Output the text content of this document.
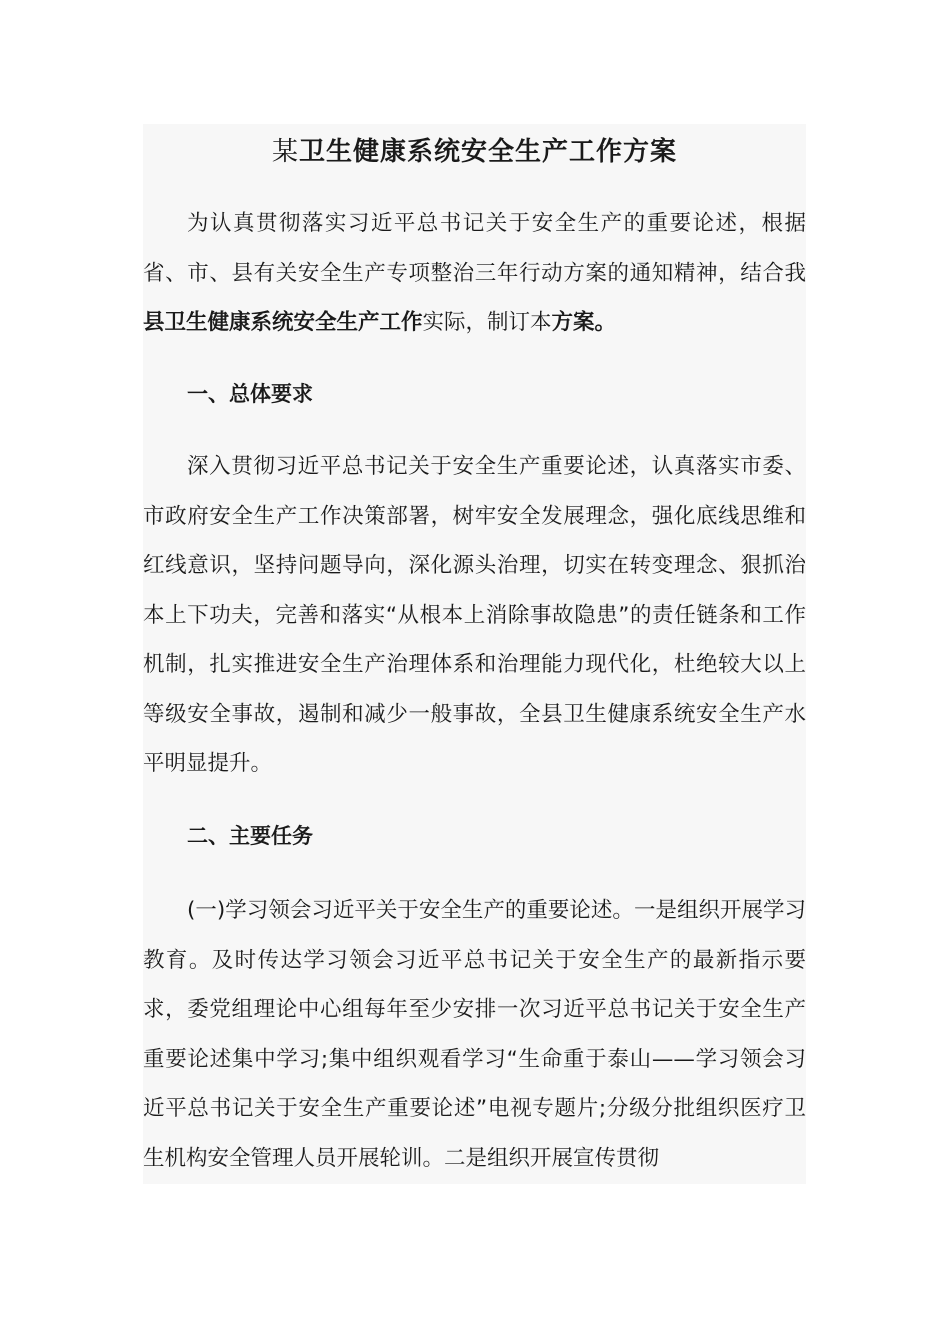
某卫生健康系统安全生产工作方案

为认真贯彻落实习近平总书记关于安全生产的重要论述，根据省、市、县有关安全生产专项整治三年行动方案的通知精神，结合我县卫生健康系统安全生产工作实际，制订本方案。

一、总体要求

深入贯彻习近平总书记关于安全生产重要论述，认真落实市委、市政府安全生产工作决策部署，树牢安全发展理念，强化底线思维和红线意识，坚持问题导向，深化源头治理，切实在转变理念、狠抓治本上下功夫，完善和落实“从根本上消除事故隐患”的责任链条和工作机制，扎实推进安全生产治理体系和治理能力现代化，杜绝较大以上等级安全事故，遏制和减少一般事故，全县卫生健康系统安全生产水平明显提升。

二、主要任务

(一)学习领会习近平关于安全生产的重要论述。一是组织开展学习教育。及时传达学习领会习近平总书记关于安全生产的最新指示要求，委党组理论中心组每年至少安排一次习近平总书记关于安全生产重要论述集中学习;集中组织观看学习“生命重于泰山——学习领会习近平总书记关于安全生产重要论述”电视专题片;分级分批组织医疗卫生机构安全管理人员开展轮训。二是组织开展宣传贯彻
